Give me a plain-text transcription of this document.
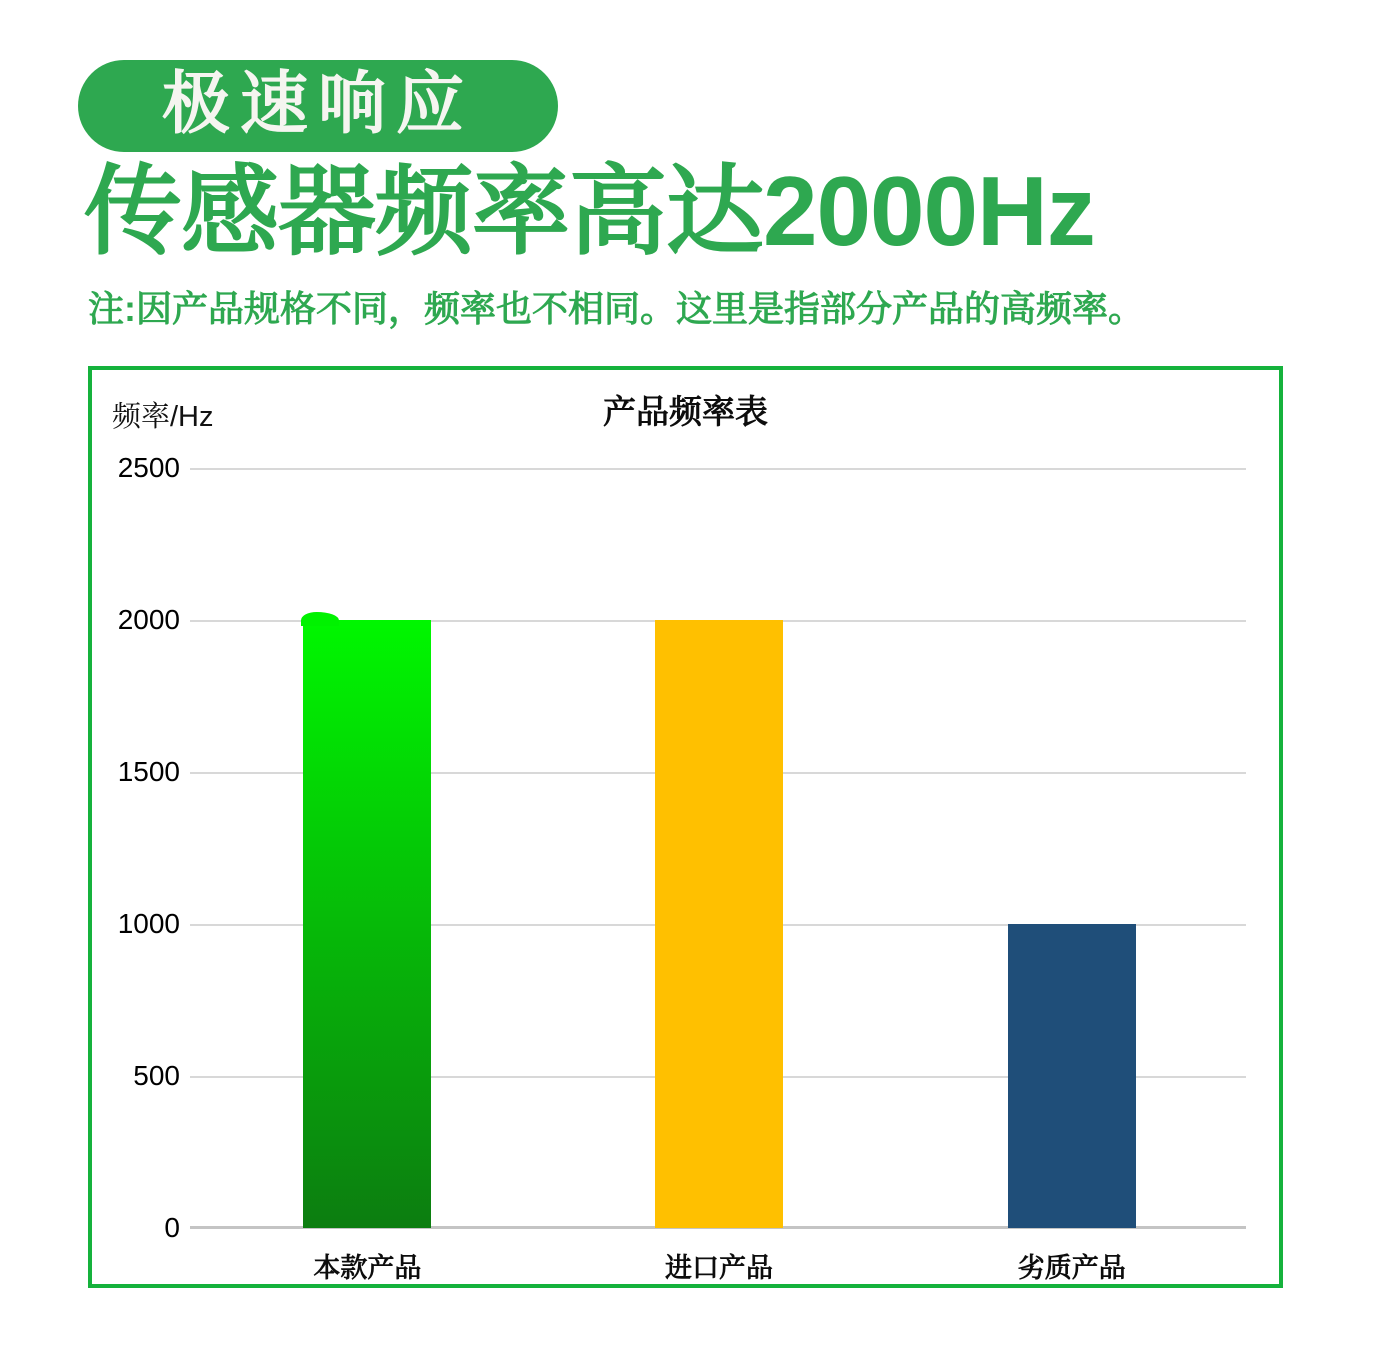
极速响应
传感器频率高达2000Hz

注:因产品规格不同，频率也不相同。这里是指部分产品的高频率。

频率/Hz	产品频率表
2500
2000
1500
1000
500
0
本款产品	进口产品	劣质产品
